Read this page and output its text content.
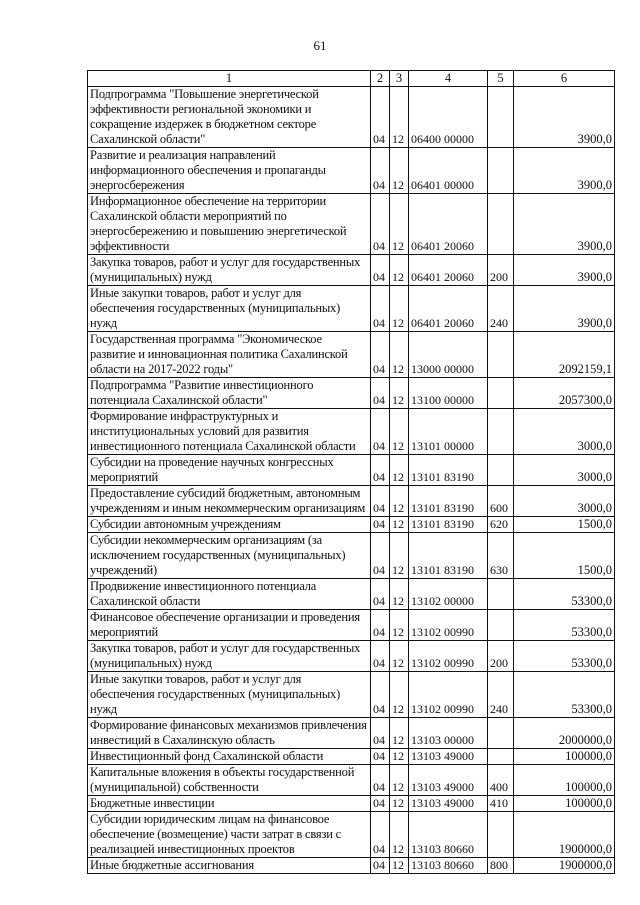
61
1	2	3	4	5	6
Подпрограмма "Повышение энергетической эффективности региональной экономики и сокращение издержек в бюджетном секторе Сахалинской области"	04	12	06400 00000		3900,0
Развитие и реализация направлений информационного обеспечения и пропаганды энергосбережения	04	12	06401 00000		3900,0
Информационное обеспечение на территории Сахалинской области мероприятий по энергосбережению и повышению энергетической эффективности	04	12	06401 20060		3900,0
Закупка товаров, работ и услуг для государственных (муниципальных) нужд	04	12	06401 20060	200	3900,0
Иные закупки товаров, работ и услуг для обеспечения государственных (муниципальных) нужд	04	12	06401 20060	240	3900,0
Государственная программа "Экономическое развитие и инновационная политика Сахалинской области на 2017-2022 годы"	04	12	13000 00000		2092159,1
Подпрограмма "Развитие инвестиционного потенциала Сахалинской области"	04	12	13100 00000		2057300,0
Формирование инфраструктурных и институциональных условий для развития инвестиционного потенциала Сахалинской области	04	12	13101 00000		3000,0
Субсидии на проведение научных конгрессных мероприятий	04	12	13101 83190		3000,0
Предоставление субсидий бюджетным, автономным учреждениям и иным некоммерческим организациям	04	12	13101 83190	600	3000,0
Субсидии автономным учреждениям	04	12	13101 83190	620	1500,0
Субсидии некоммерческим организациям (за исключением государственных (муниципальных) учреждений)	04	12	13101 83190	630	1500,0
Продвижение инвестиционного потенциала Сахалинской области	04	12	13102 00000		53300,0
Финансовое обеспечение организации и проведения мероприятий	04	12	13102 00990		53300,0
Закупка товаров, работ и услуг для государственных (муниципальных) нужд	04	12	13102 00990	200	53300,0
Иные закупки товаров, работ и услуг для обеспечения государственных (муниципальных) нужд	04	12	13102 00990	240	53300,0
Формирование финансовых механизмов привлечения инвестиций в Сахалинскую область	04	12	13103 00000		2000000,0
Инвестиционный фонд Сахалинской области	04	12	13103 49000		100000,0
Капитальные вложения в объекты государственной (муниципальной) собственности	04	12	13103 49000	400	100000,0
Бюджетные инвестиции	04	12	13103 49000	410	100000,0
Субсидии юридическим лицам на финансовое обеспечение (возмещение) части затрат в связи с реализацией инвестиционных проектов	04	12	13103 80660		1900000,0
Иные бюджетные ассигнования	04	12	13103 80660	800	1900000,0
